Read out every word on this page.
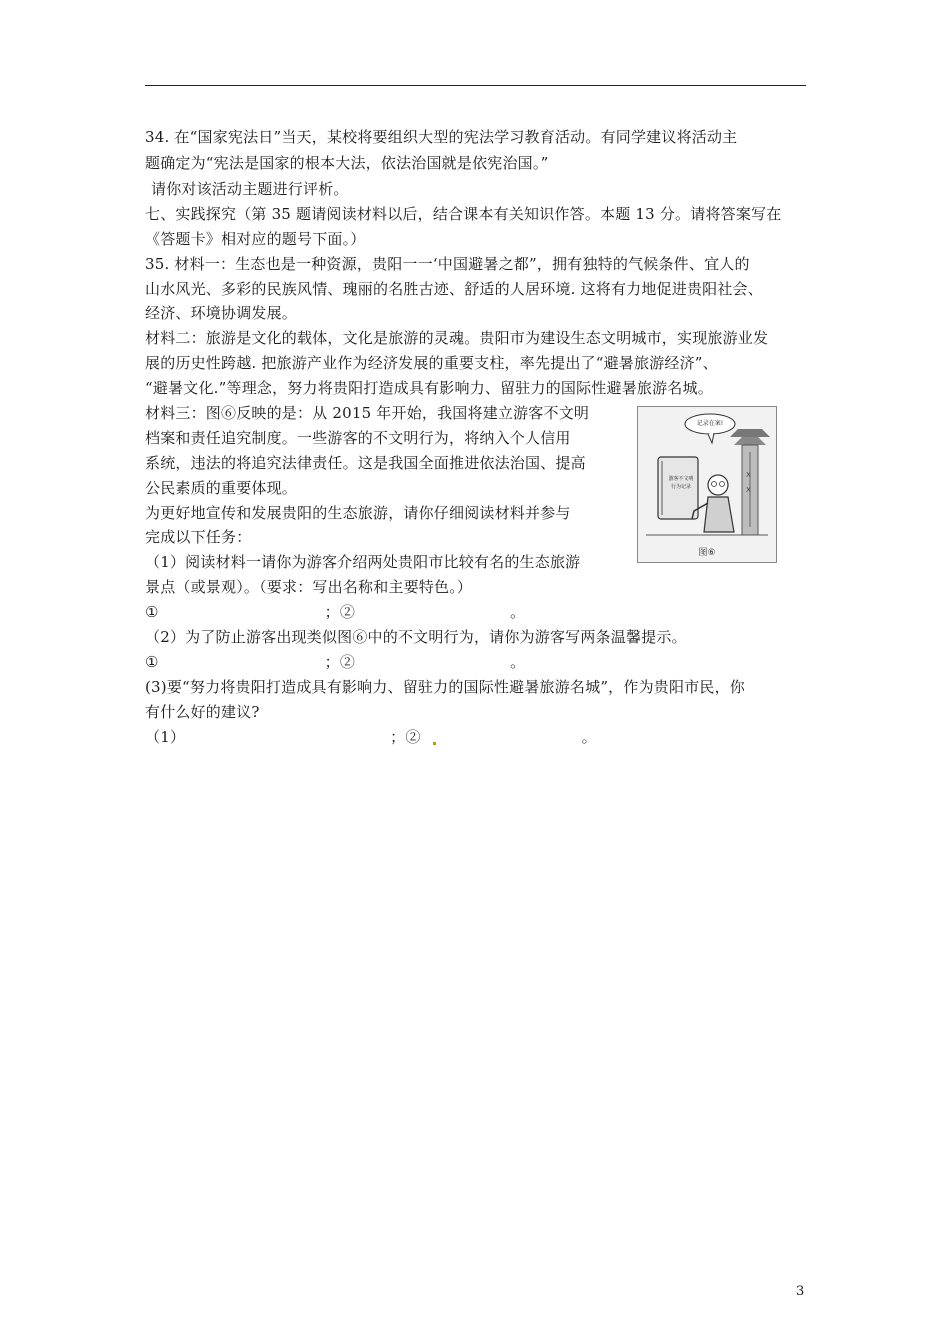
34. 在“国家宪法日”当天，某校将要组织大型的宪法学习教育活动。有同学建议将活动主
题确定为“宪法是国家的根本大法，依法治国就是依宪治国。”
请你对该活动主题进行评析。
七、实践探究（第 35 题请阅读材料以后，结合课本有关知识作答。本题 13 分。请将答案写在
《答题卡》相对应的题号下面。）
35. 材料一：生态也是一种资源，贵阳一一‘中国避暑之都”，拥有独特的气候条件、宜人的
山水风光、多彩的民族风情、瑰丽的名胜古迹、舒适的人居环境. 这将有力地促进贵阳社会、
经济、环境协调发展。
材料二：旅游是文化的载体，文化是旅游的灵魂。贵阳市为建设生态文明城市，实现旅游业发
展的历史性跨越. 把旅游产业作为经济发展的重要支柱，率先提出了“避暑旅游经济”、
“避暑文化.”等理念，努力将贵阳打造成具有影响力、留驻力的国际性避暑旅游名城。
材料三：图⑥反映的是：从 2015 年开始，我国将建立游客不文明
档案和责任追究制度。一些游客的不文明行为，将纳入个人信用
系统，违法的将追究法律责任。这是我国全面推进依法治国、提高
公民素质的重要体现。
为更好地宣传和发展贵阳的生态旅游，请你仔细阅读材料并参与
完成以下任务：
（1）阅读材料一请你为游客介绍两处贵阳市比较有名的生态旅游
景点（或景观）。（要求：写出名称和主要特色。）
①	；②	。
（2）为了防止游客出现类似图⑥中的不文明行为，请你为游客写两条温馨提示。
①	；②	。
(3)要“努力将贵阳打造成具有影响力、留驻力的国际性避暑旅游名城”，作为贵阳市民，你
有什么好的建议?
（1）	；②	。
X
X
记录在案!
游客不文明
行为记录
图⑥
3
